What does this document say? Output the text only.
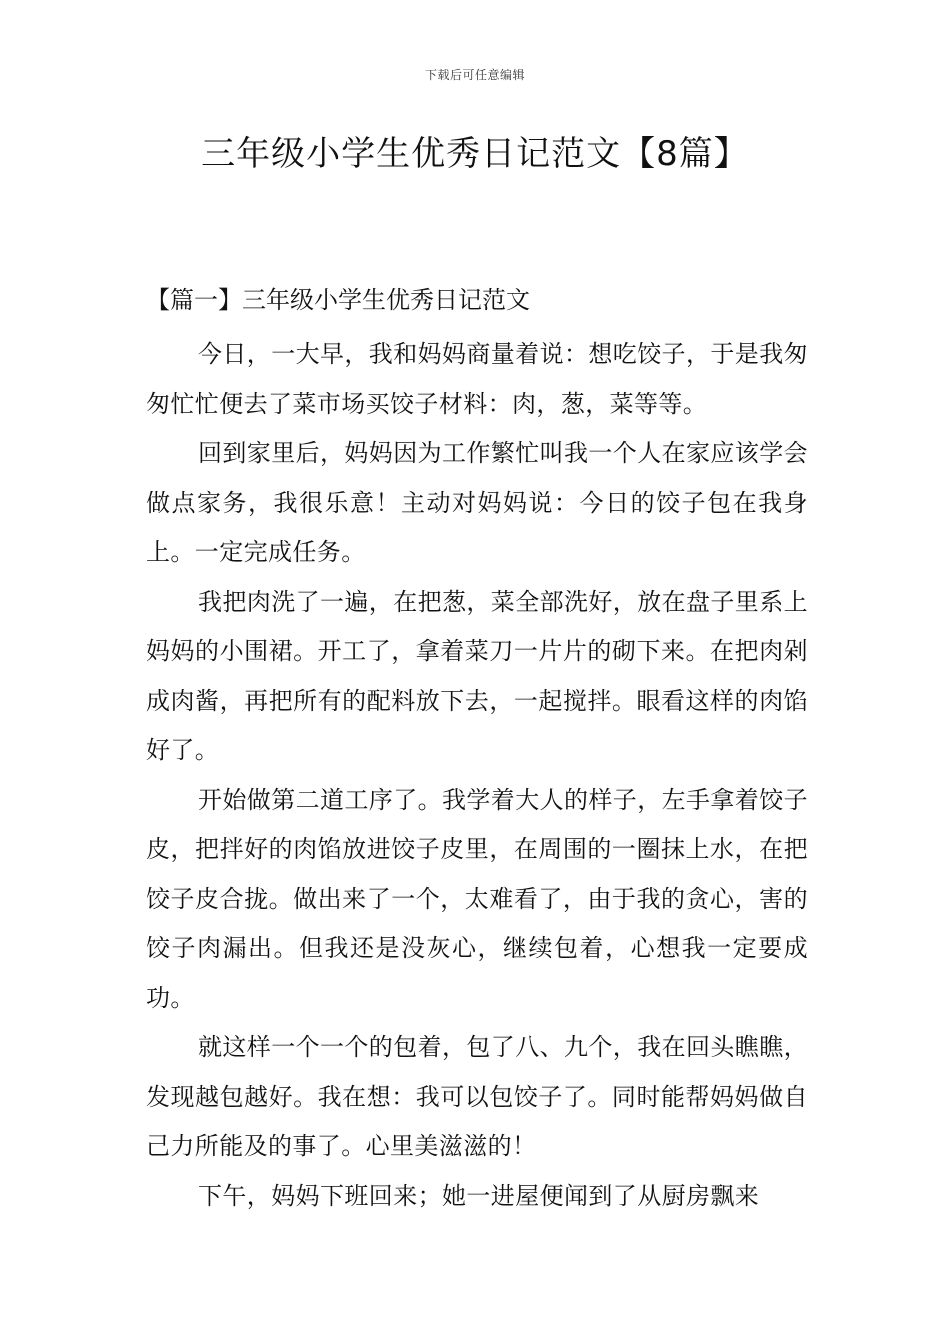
下载后可任意编辑
三年级小学生优秀日记范文【8篇】
【篇一】三年级小学生优秀日记范文

今日，一大早，我和妈妈商量着说：想吃饺子，于是我匆匆忙忙便去了菜市场买饺子材料：肉，葱，菜等等。

回到家里后，妈妈因为工作繁忙叫我一个人在家应该学会做点家务，我很乐意！主动对妈妈说：今日的饺子包在我身上。一定完成任务。

我把肉洗了一遍，在把葱，菜全部洗好，放在盘子里系上妈妈的小围裙。开工了，拿着菜刀一片片的砌下来。在把肉剁成肉酱，再把所有的配料放下去，一起搅拌。眼看这样的肉馅好了。

开始做第二道工序了。我学着大人的样子，左手拿着饺子皮，把拌好的肉馅放进饺子皮里，在周围的一圈抹上水，在把饺子皮合拢。做出来了一个，太难看了，由于我的贪心，害的饺子肉漏出。但我还是没灰心，继续包着，心想我一定要成功。

就这样一个一个的包着，包了八、九个，我在回头瞧瞧，发现越包越好。我在想：我可以包饺子了。同时能帮妈妈做自己力所能及的事了。心里美滋滋的！

下午，妈妈下班回来；她一进屋便闻到了从厨房飘来
